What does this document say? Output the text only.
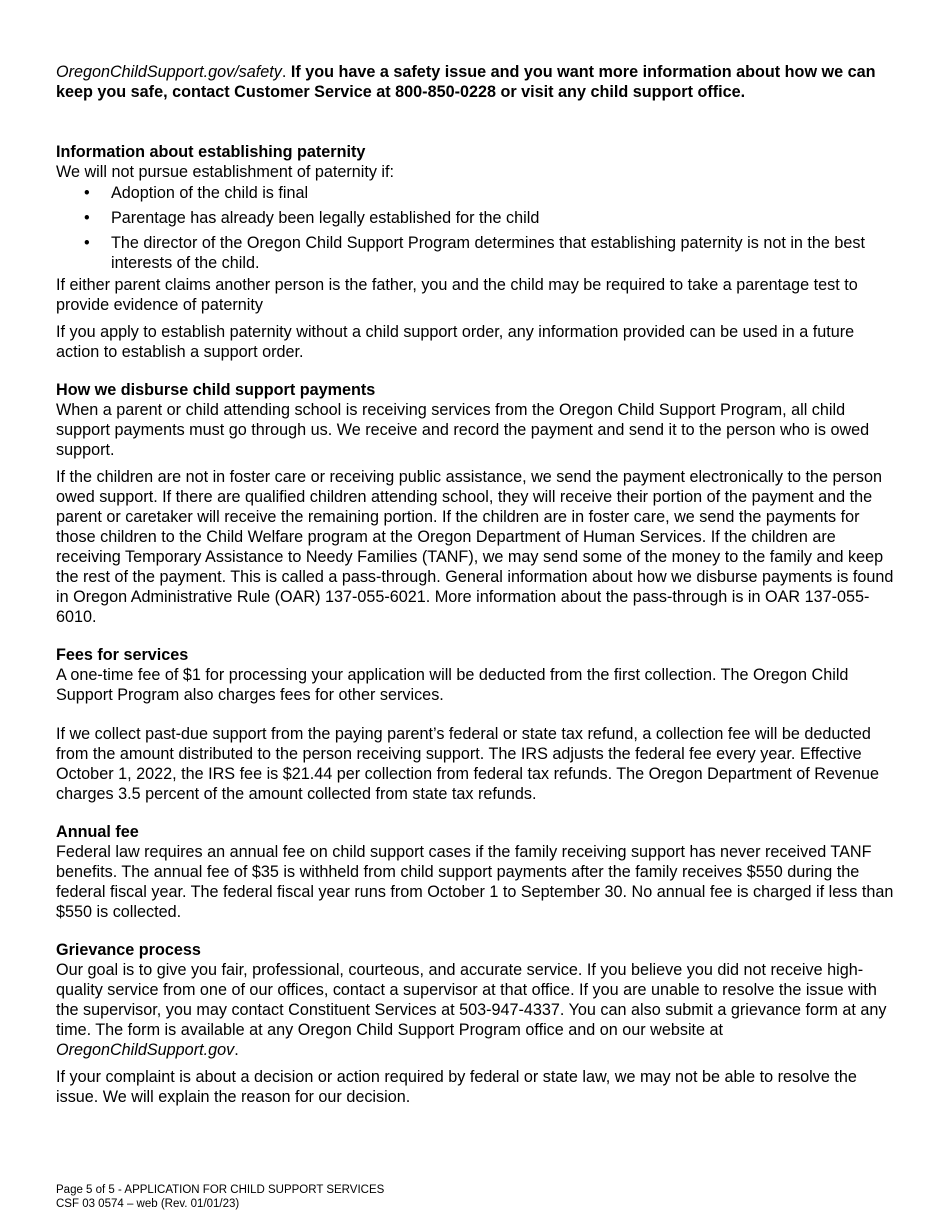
OregonChildSupport.gov/safety. If you have a safety issue and you want more information about how we can keep you safe, contact Customer Service at 800-850-0228 or visit any child support office.

Information about establishing paternity

We will not pursue establishment of paternity if:

• Adoption of the child is final
• Parentage has already been legally established for the child
• The director of the Oregon Child Support Program determines that establishing paternity is not in the best interests of the child.

If either parent claims another person is the father, you and the child may be required to take a parentage test to provide evidence of paternity

If you apply to establish paternity without a child support order, any information provided can be used in a future action to establish a support order.

How we disburse child support payments

When a parent or child attending school is receiving services from the Oregon Child Support Program, all child support payments must go through us. We receive and record the payment and send it to the person who is owed support.

If the children are not in foster care or receiving public assistance, we send the payment electronically to the person owed support. If there are qualified children attending school, they will receive their portion of the payment and the parent or caretaker will receive the remaining portion. If the children are in foster care, we send the payments for those children to the Child Welfare program at the Oregon Department of Human Services. If the children are receiving Temporary Assistance to Needy Families (TANF), we may send some of the money to the family and keep the rest of the payment. This is called a pass-through. General information about how we disburse payments is found in Oregon Administrative Rule (OAR) 137-055-6021. More information about the pass-through is in OAR 137-055-6010.

Fees for services

A one-time fee of $1 for processing your application will be deducted from the first collection. The Oregon Child Support Program also charges fees for other services.

If we collect past-due support from the paying parent’s federal or state tax refund, a collection fee will be deducted from the amount distributed to the person receiving support. The IRS adjusts the federal fee every year. Effective October 1, 2022, the IRS fee is $21.44 per collection from federal tax refunds. The Oregon Department of Revenue charges 3.5 percent of the amount collected from state tax refunds.

Annual fee

Federal law requires an annual fee on child support cases if the family receiving support has never received TANF benefits. The annual fee of $35 is withheld from child support payments after the family receives $550 during the federal fiscal year. The federal fiscal year runs from October 1 to September 30. No annual fee is charged if less than $550 is collected.

Grievance process

Our goal is to give you fair, professional, courteous, and accurate service. If you believe you did not receive high-quality service from one of our offices, contact a supervisor at that office. If you are unable to resolve the issue with the supervisor, you may contact Constituent Services at 503-947-4337. You can also submit a grievance form at any time. The form is available at any Oregon Child Support Program office and on our website at OregonChildSupport.gov.

If your complaint is about a decision or action required by federal or state law, we may not be able to resolve the issue. We will explain the reason for our decision.

Page 5 of 5 - APPLICATION FOR CHILD SUPPORT SERVICES
CSF 03 0574 – web (Rev. 01/01/23)
